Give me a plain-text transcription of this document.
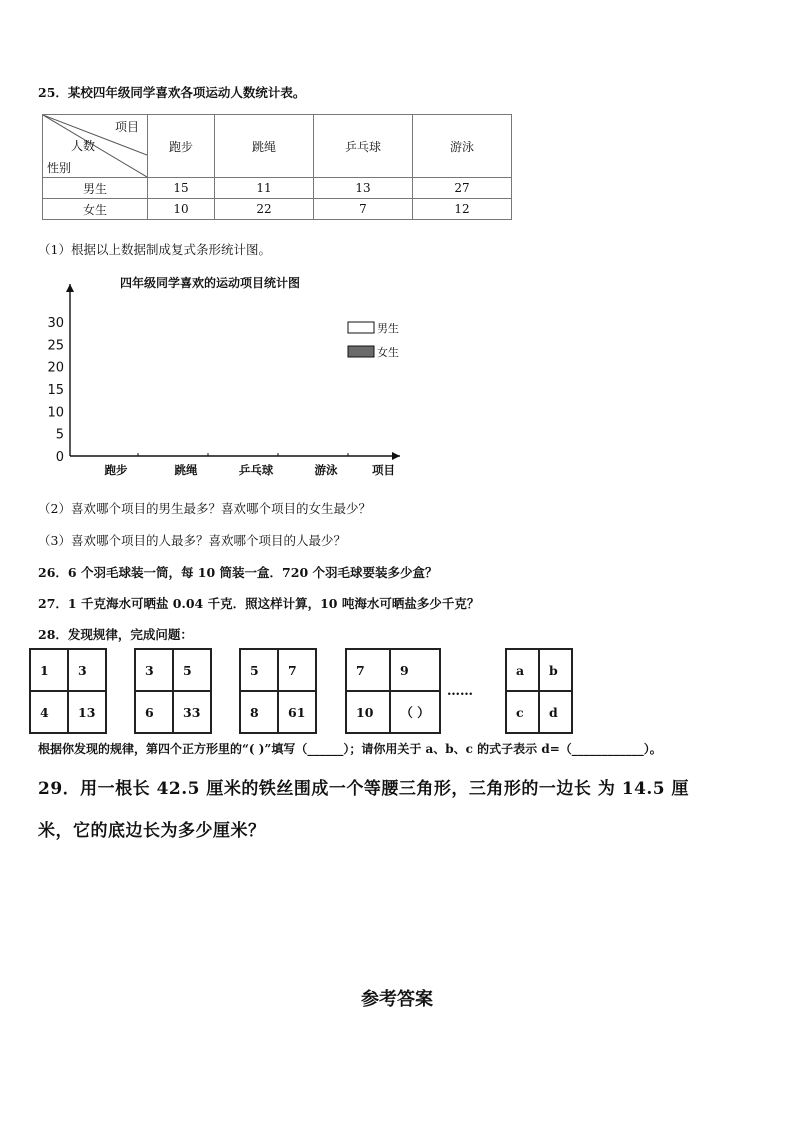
25．某校四年级同学喜欢各项运动人数统计表。
项目
人数
性别	跑步	跳绳	乒乓球	游泳
男生	15	11	13	27
女生	10	22	7	12
（1）根据以上数据制成复式条形统计图。
四年级同学喜欢的运动项目统计图
0
5
10
15
20
25
30
跑步	跳绳	乒乓球	游泳	项目
男生
女生
（2）喜欢哪个项目的男生最多？喜欢哪个项目的女生最少？
（3）喜欢哪个项目的人最多？喜欢哪个项目的人最少？
26．6 个羽毛球装一筒，每 10 筒装一盒．720 个羽毛球要装多少盒？
27．1 千克海水可晒盐 0.04 千克．照这样计算，10 吨海水可晒盐多少千克？
28．发现规律，完成问题：
1	3
4	13
3	5
6	33
5	7
8	61
7	9
10	（ ）
……
a	b
c	d
根据你发现的规律，第四个正方形里的“( )”填写（______）；请你用关于 a、b、c 的式子表示 d=（____________）。
29．用一根长 42.5 厘米的铁丝围成一个等腰三角形，三角形的一边长 为 14.5 厘
米，它的底边长为多少厘米？
参考答案
